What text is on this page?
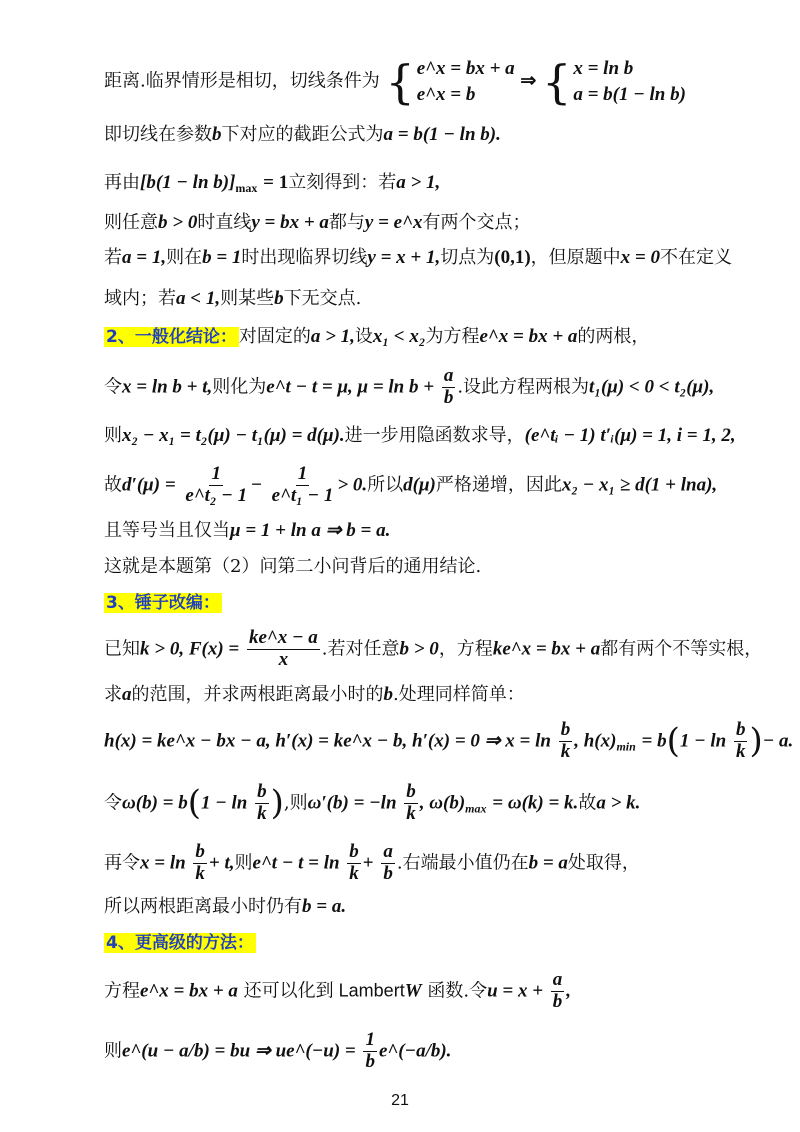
距离.临界情形是相切，切线条件为 { e^x = bx + a
e^x = b
⇒ { x = ln b
a = b(1 − ln b)
即切线在参数b下对应的截距公式为a = b(1 − ln b).
再由$[b(1 - \ln b)]_{max} = 1$立刻得到：若a > 1,
则任意b > 0时直线y = bx + a都与y = e^x有两个交点；
若a = 1,则在b = 1时出现临界切线y = x + 1,切点为(0,1)，但原题中x = 0不在定义
域内；若a < 1,则某些b下无交点.
2、一般化结论： 对固定的a > 1,设x₁ < x₂为方程e^x = bx + a的两根，
令x = ln b + t,则化为e^t − t = μ, $\mu = \ln b + \frac{a}{b}$ .设此方程两根为t₁(μ) < 0 < t₂(μ),
则x₂ − x₁ = t₂(μ) − t₁(μ) = d(μ).进一步用隐函数求导，(e^tᵢ − 1) t′ᵢ(μ) = 1, i = 1, 2,
故$d'(\mu) = \frac{1}{\text{e\textasciicircum{}t₂ − 1}} - \frac{1}{\text{e\textasciicircum{}t₁ − 1}} > 0$.所以d(μ)严格递增，因此x₂ − x₁ ≥ d(1 + lna),
且等号当且仅当μ = 1 + ln a ⇒ b = a.
这就是本题第（2）问第二小问背后的通用结论.
3、锤子改编：
已知k > 0, $F(x) = \frac{ke\^{}x - a}{x}$ .若对任意b > 0，方程ke^x = bx + a都有两个不等实根，
求a的范围，并求两根距离最小时的b.处理同样简单：
h(x) = ke^x − bx − a, h′(x) = ke^x − b, h′(x) = 0 ⇒ $x = \ln \frac{b}{k}$ , $h(x)_{min} = b(1 - \ln \frac{b}{k}$ )− a.
令$\omega(b) = b(1 - \ln \frac{b}{k}$ ),则$\omega'(b) = -\ln \frac{b}{k}$ , $\omega(b)_{max} = \omega(k) = k$.故a > k.
再令$x = \ln \frac{b}{k} + t$,则e^t − $t = \ln \frac{b}{k} + \frac{a}{b}$ .右端最小值仍在b = a处取得，
所以两根距离最小时仍有b = a.
4、更高级的方法：
方程e^x = bx + a 还可以化到 LambertW 函数.令$u = x + \frac{a}{b}$ ,
则e^(u − a/b) = bu ⇒ ue^(−u) = $\frac{1}{b}$ e^(−a/b).
21
